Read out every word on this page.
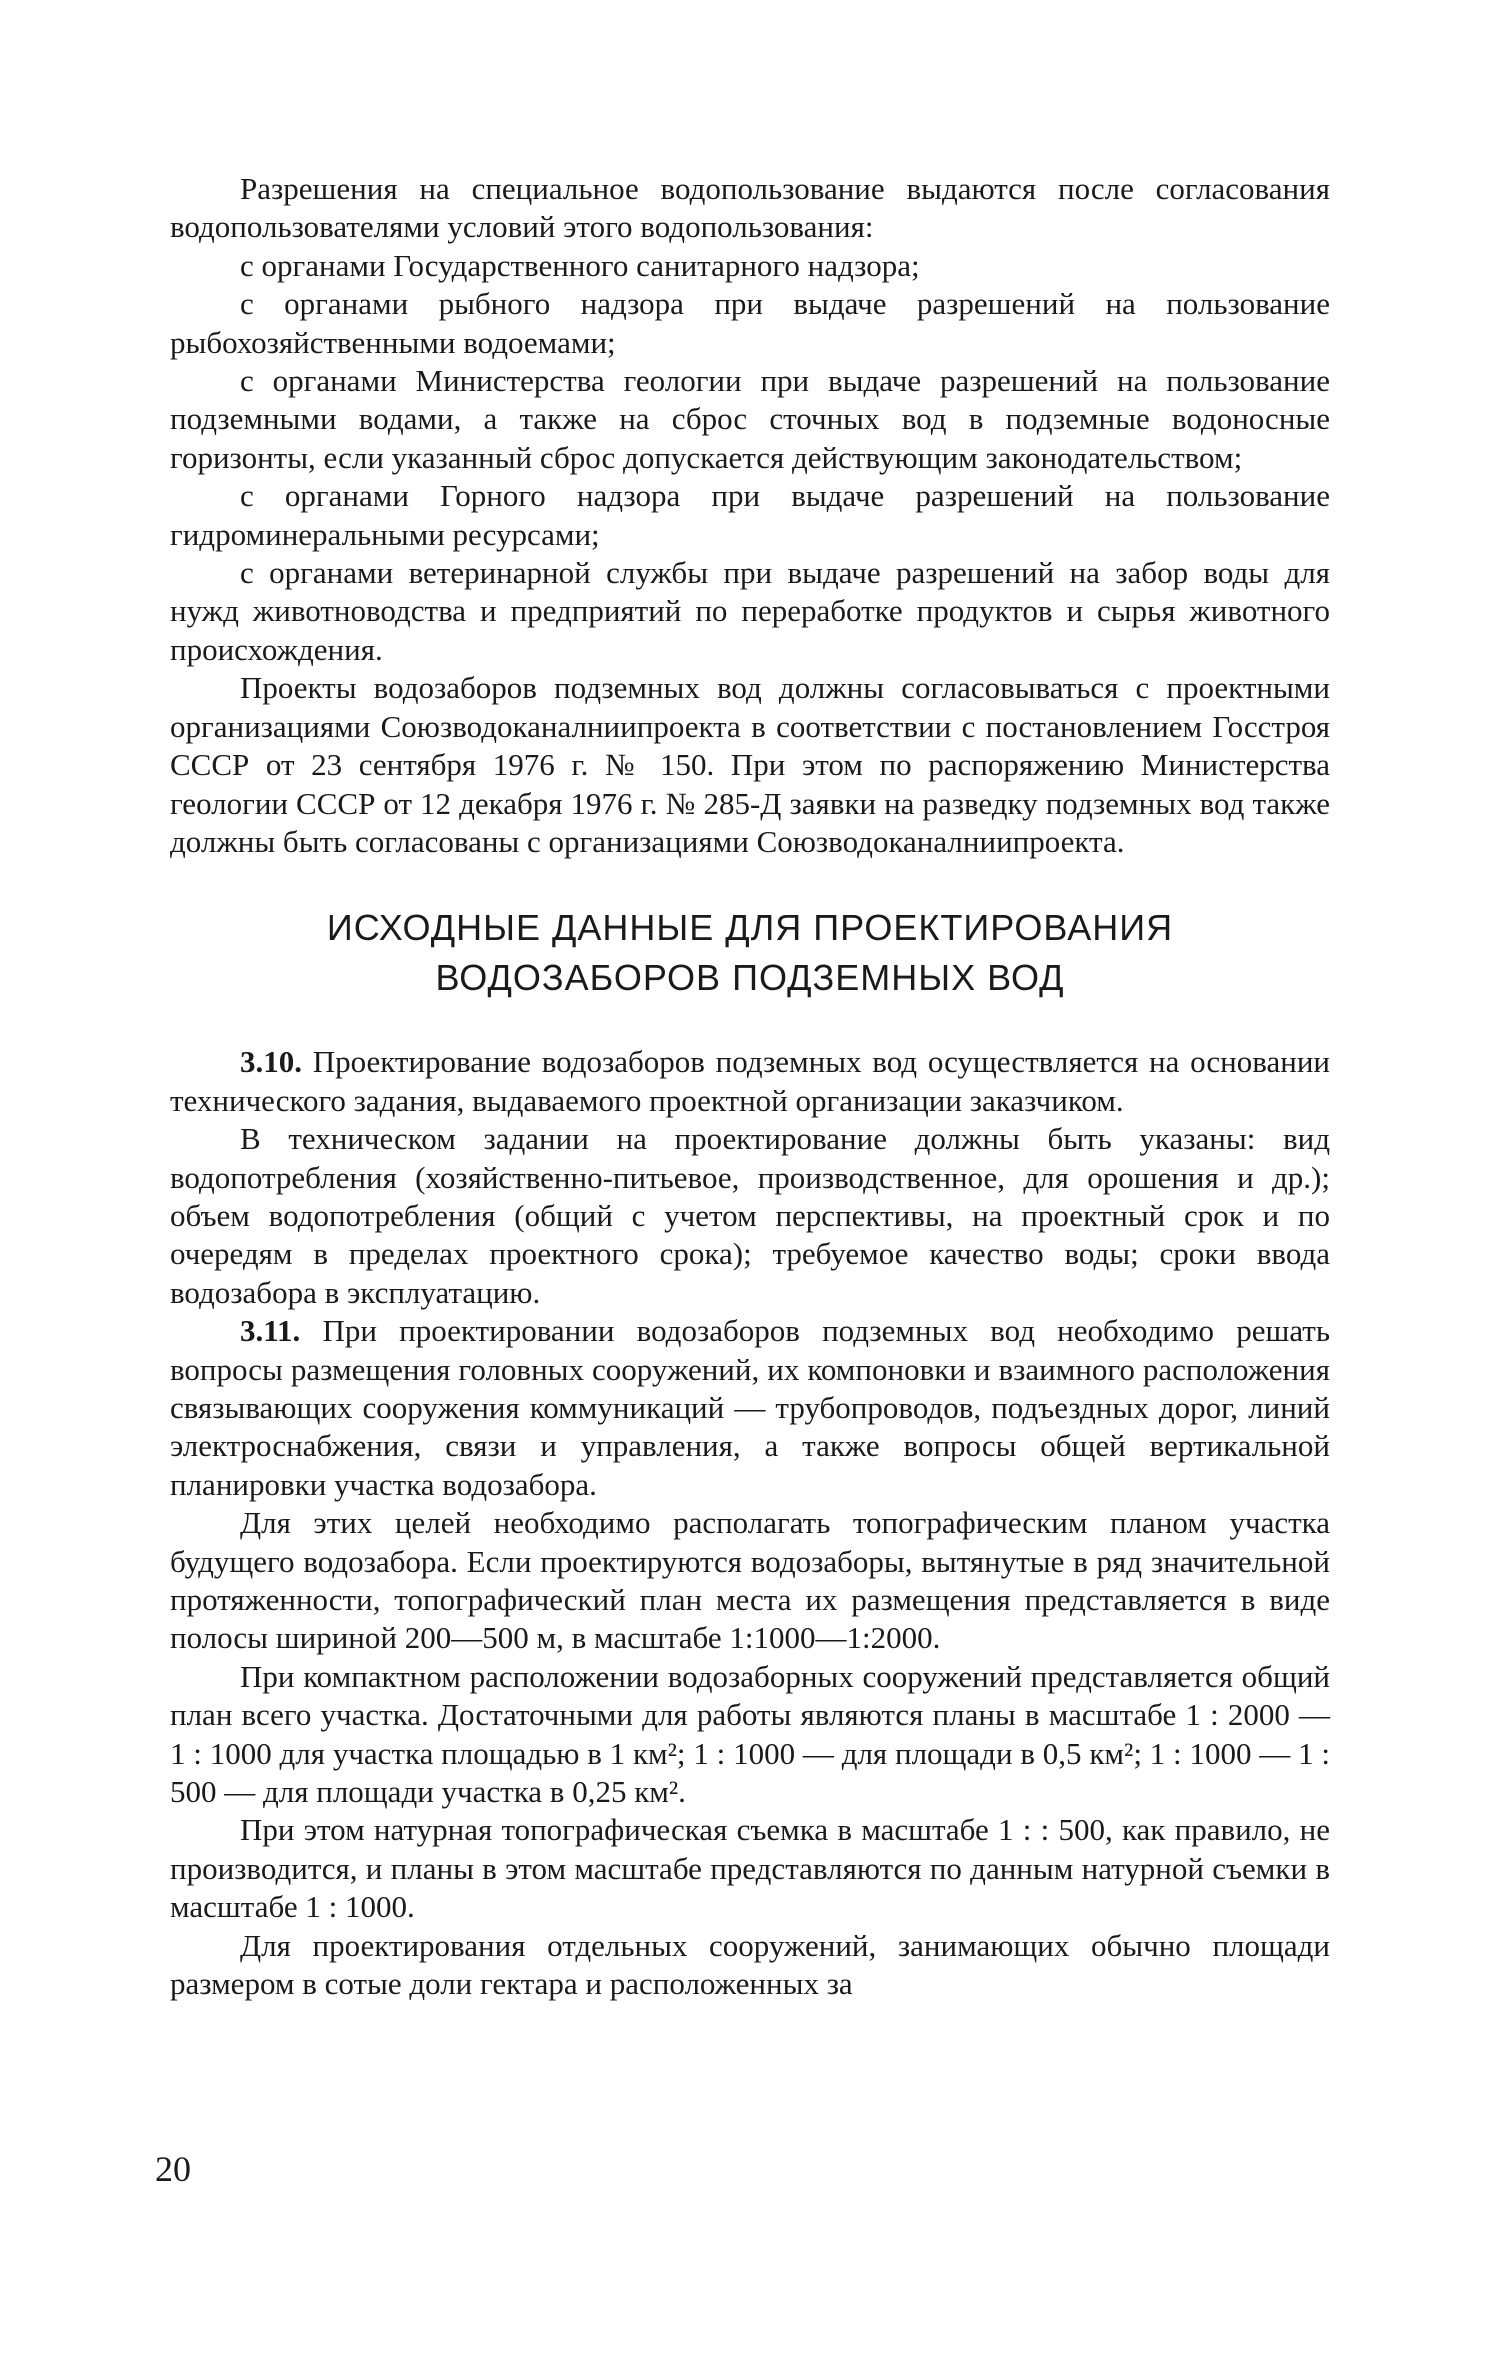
Разрешения на специальное водопользование выдаются после согласования водопользователями условий этого водопользования:

с органами Государственного санитарного надзора;

с органами рыбного надзора при выдаче разрешений на пользование рыбохозяйственными водоемами;

с органами Министерства геологии при выдаче разрешений на пользование подземными водами, а также на сброс сточных вод в подземные водоносные горизонты, если указанный сброс допускается действующим законодательством;

с органами Горного надзора при выдаче разрешений на пользование гидроминеральными ресурсами;

с органами ветеринарной службы при выдаче разрешений на забор воды для нужд животноводства и предприятий по переработке продуктов и сырья животного происхождения.

Проекты водозаборов подземных вод должны согласовываться с проектными организациями Союзводоканалниипроекта в соответствии с постановлением Госстроя СССР от 23 сентября 1976 г. № 150. При этом по распоряжению Министерства геологии СССР от 12 декабря 1976 г. № 285-Д заявки на разведку подземных вод также должны быть согласованы с организациями Союзводоканалниипроекта.

ИСХОДНЫЕ ДАННЫЕ ДЛЯ ПРОЕКТИРОВАНИЯ
ВОДОЗАБОРОВ ПОДЗЕМНЫХ ВОД

3.10. Проектирование водозаборов подземных вод осуществляется на основании технического задания, выдаваемого проектной организации заказчиком.

В техническом задании на проектирование должны быть указаны: вид водопотребления (хозяйственно-питьевое, производственное, для орошения и др.); объем водопотребления (общий с учетом перспективы, на проектный срок и по очередям в пределах проектного срока); требуемое качество воды; сроки ввода водозабора в эксплуатацию.

3.11. При проектировании водозаборов подземных вод необходимо решать вопросы размещения головных сооружений, их компоновки и взаимного расположения связывающих сооружения коммуникаций — трубопроводов, подъездных дорог, линий электроснабжения, связи и управления, а также вопросы общей вертикальной планировки участка водозабора.

Для этих целей необходимо располагать топографическим планом участка будущего водозабора. Если проектируются водозаборы, вытянутые в ряд значительной протяженности, топографический план места их размещения представляется в виде полосы шириной 200—500 м, в масштабе 1:1000—1:2000.

При компактном расположении водозаборных сооружений представляется общий план всего участка. Достаточными для работы являются планы в масштабе 1 : 2000 — 1 : 1000 для участка площадью в 1 км²; 1 : 1000 — для площади в 0,5 км²; 1 : 1000 — 1 : 500 — для площади участка в 0,25 км².

При этом натурная топографическая съемка в масштабе 1 : : 500, как правило, не производится, и планы в этом масштабе представляются по данным натурной съемки в масштабе 1 : 1000.

Для проектирования отдельных сооружений, занимающих обычно площади размером в сотые доли гектара и расположенных за

20
